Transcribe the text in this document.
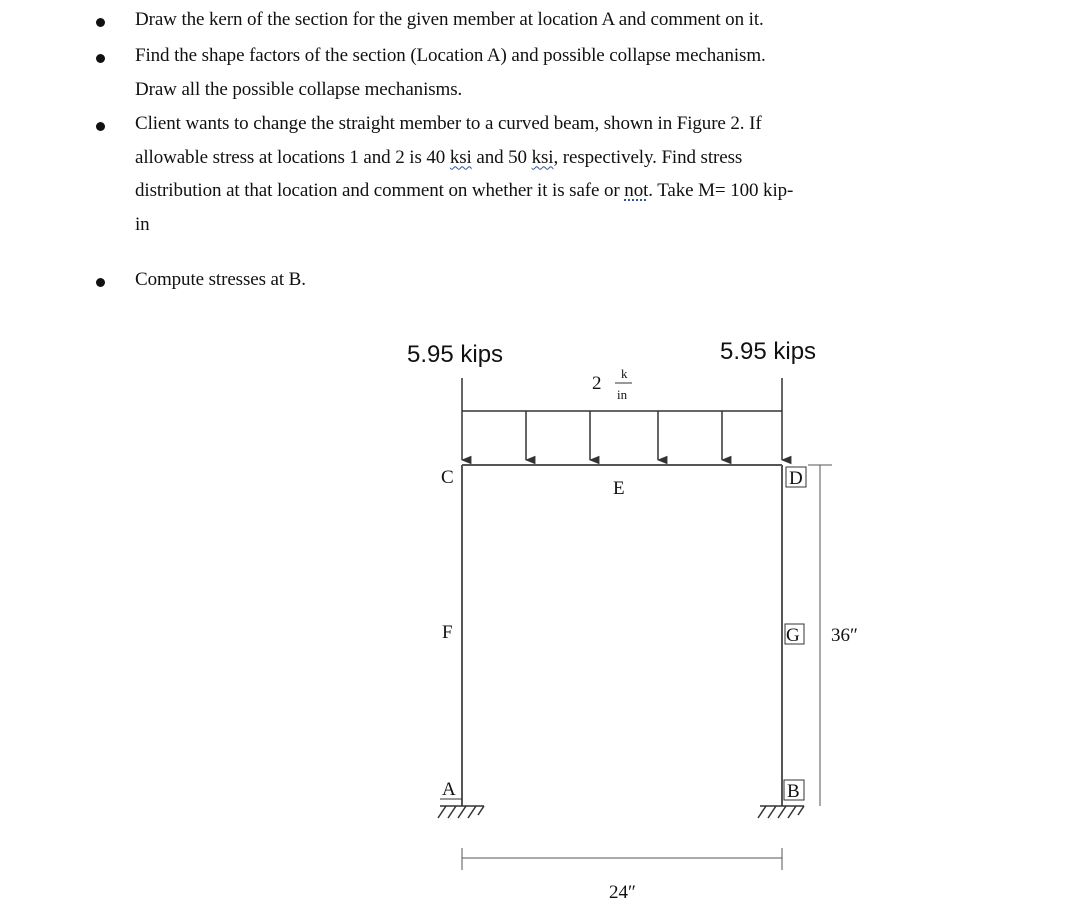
Draw the kern of the section for the given member at location A and comment on it.
Find the shape factors of the section (Location A) and possible collapse mechanism.
Draw all the possible collapse mechanisms.
Client wants to change the straight member to a curved beam, shown in Figure 2. If
allowable stress at locations 1 and 2 is 40 ksi and 50 ksi, respectively. Find stress
distribution at that location and comment on whether it is safe or not. Take M= 100 kip-
in
Compute stresses at B.
5.95 kips	5.95 kips
2 k
in
C
E	D
F	G
A	B
36″
24″
